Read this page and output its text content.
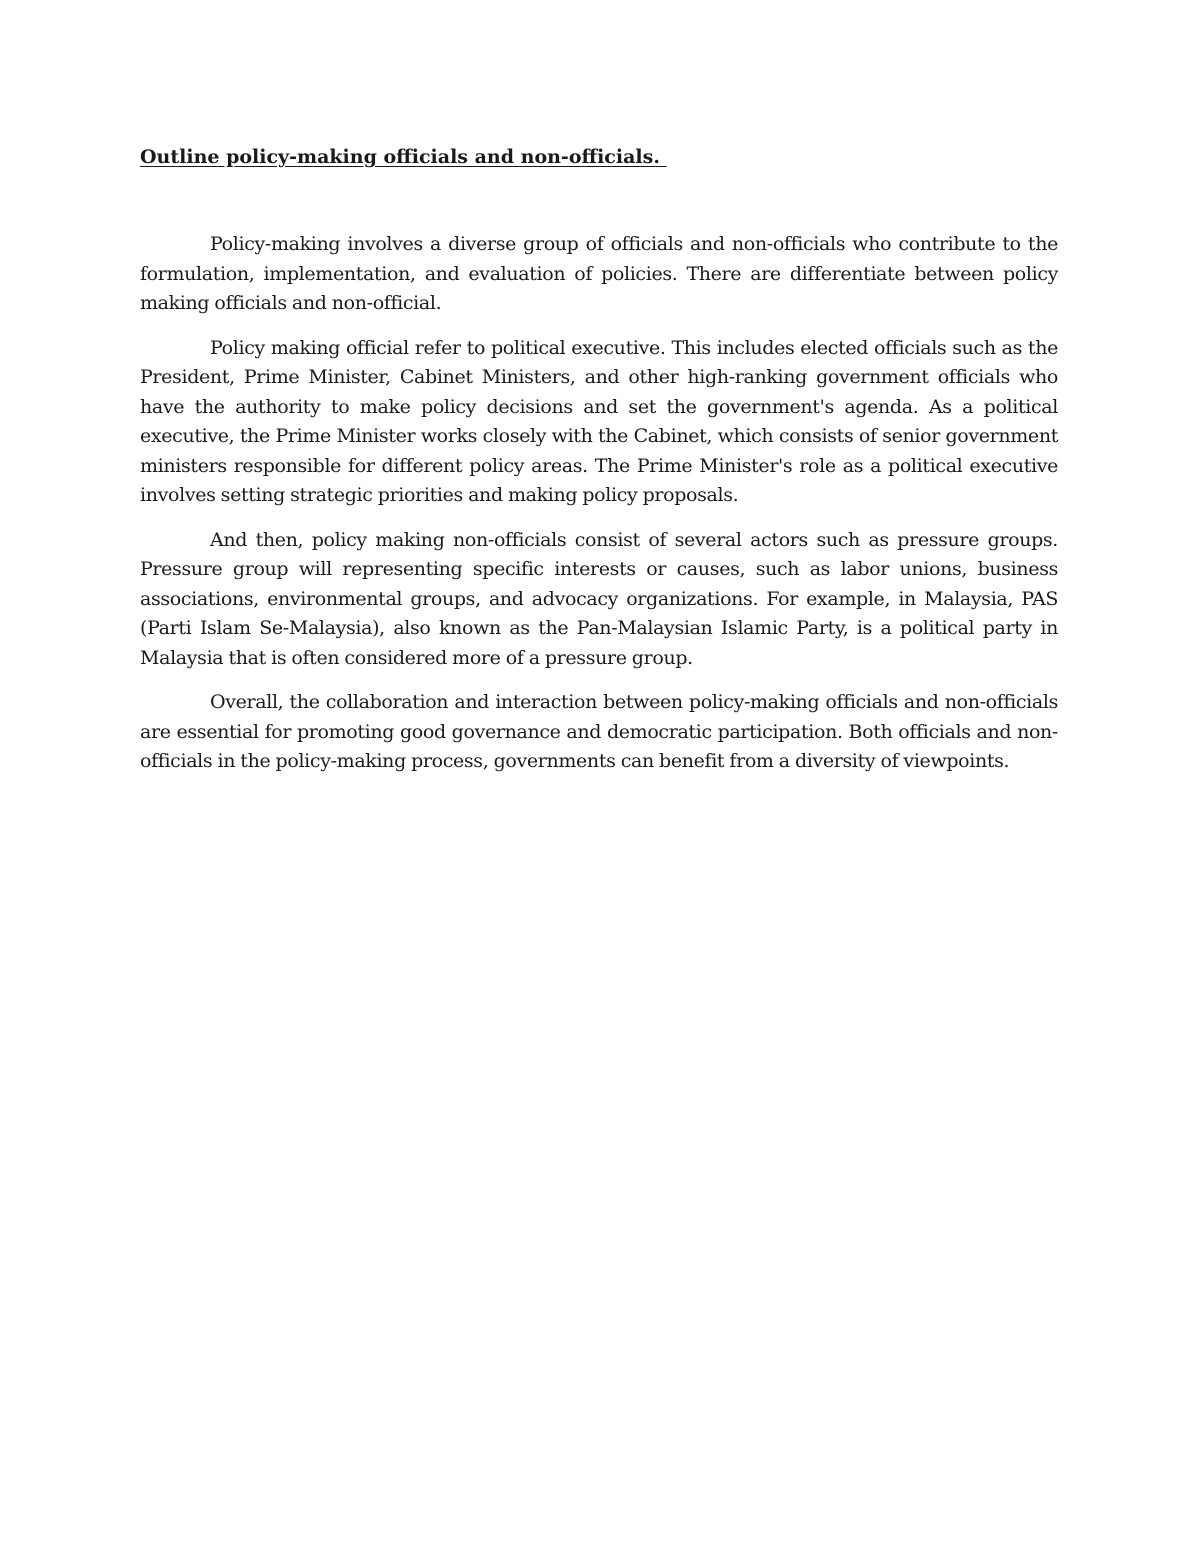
Outline policy-making officials and non-officials.

Policy-making involves a diverse group of officials and non-officials who contribute to the formulation, implementation, and evaluation of policies. There are differentiate between policy making officials and non-official.

Policy making official refer to political executive. This includes elected officials such as the President, Prime Minister, Cabinet Ministers, and other high-ranking government officials who have the authority to make policy decisions and set the government's agenda. As a political executive, the Prime Minister works closely with the Cabinet, which consists of senior government ministers responsible for different policy areas. The Prime Minister's role as a political executive involves setting strategic priorities and making policy proposals.

And then, policy making non-officials consist of several actors such as pressure groups. Pressure group will representing specific interests or causes, such as labor unions, business associations, environmental groups, and advocacy organizations. For example, in Malaysia, PAS (Parti Islam Se-Malaysia), also known as the Pan-Malaysian Islamic Party, is a political party in Malaysia that is often considered more of a pressure group.

Overall, the collaboration and interaction between policy-making officials and non-officials are essential for promoting good governance and democratic participation. Both officials and non-officials in the policy-making process, governments can benefit from a diversity of viewpoints.
